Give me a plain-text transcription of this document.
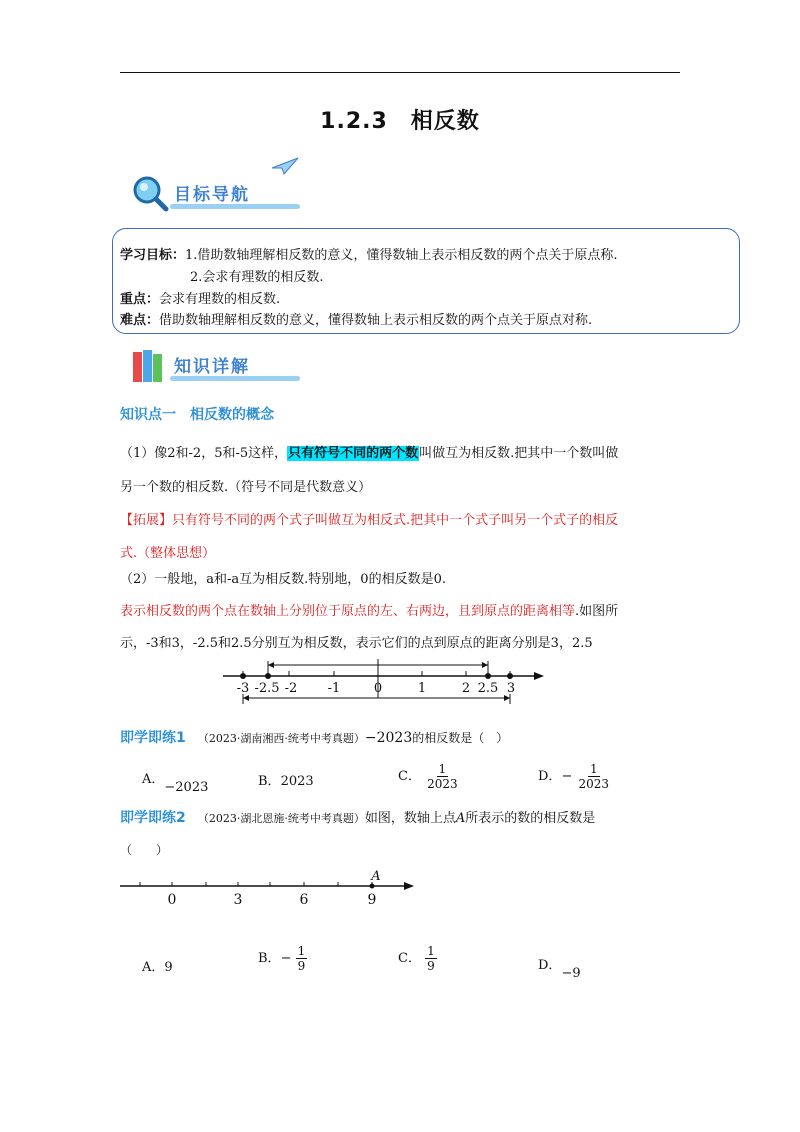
1.2.3　相反数
目标导航
学习目标：1.借助数轴理解相反数的意义，懂得数轴上表示相反数的两个点关于原点称.
2.会求有理数的相反数.
重点：会求有理数的相反数.
难点：借助数轴理解相反数的意义，懂得数轴上表示相反数的两个点关于原点对称.
知识详解
知识点一　相反数的概念
（1）像2和-2，5和-5这样，只有符号不同的两个数叫做互为相反数.把其中一个数叫做
另一个数的相反数.（符号不同是代数意义）
【拓展】只有符号不同的两个式子叫做互为相反式.把其中一个式子叫另一个式子的相反
式.（整体思想）
（2）一般地，a和-a互为相反数.特别地，0的相反数是0.
表示相反数的两个点在数轴上分别位于原点的左、右两边，且到原点的距离相等.如图所
示，-3和3，-2.5和2.5分别互为相反数，表示它们的点到原点的距离分别是3，2.5
-3 -2.5 -2 -1	0	1	2 2.5 3
即学即练1 （2023·湖南湘西·统考中考真题）−2023的相反数是（　）
A．−2023	B．2023	C． $\frac{1}{2023}$	D．− $\frac{1}{2023}$
即学即练2 （2023·湖北恩施·统考中考真题）如图，数轴上点A所表示的数的相反数是
（　　）
A
0	3	6	9
A．9
B．− $\frac{1}{9}$	C． $\frac{1}{9}$	D．−9
